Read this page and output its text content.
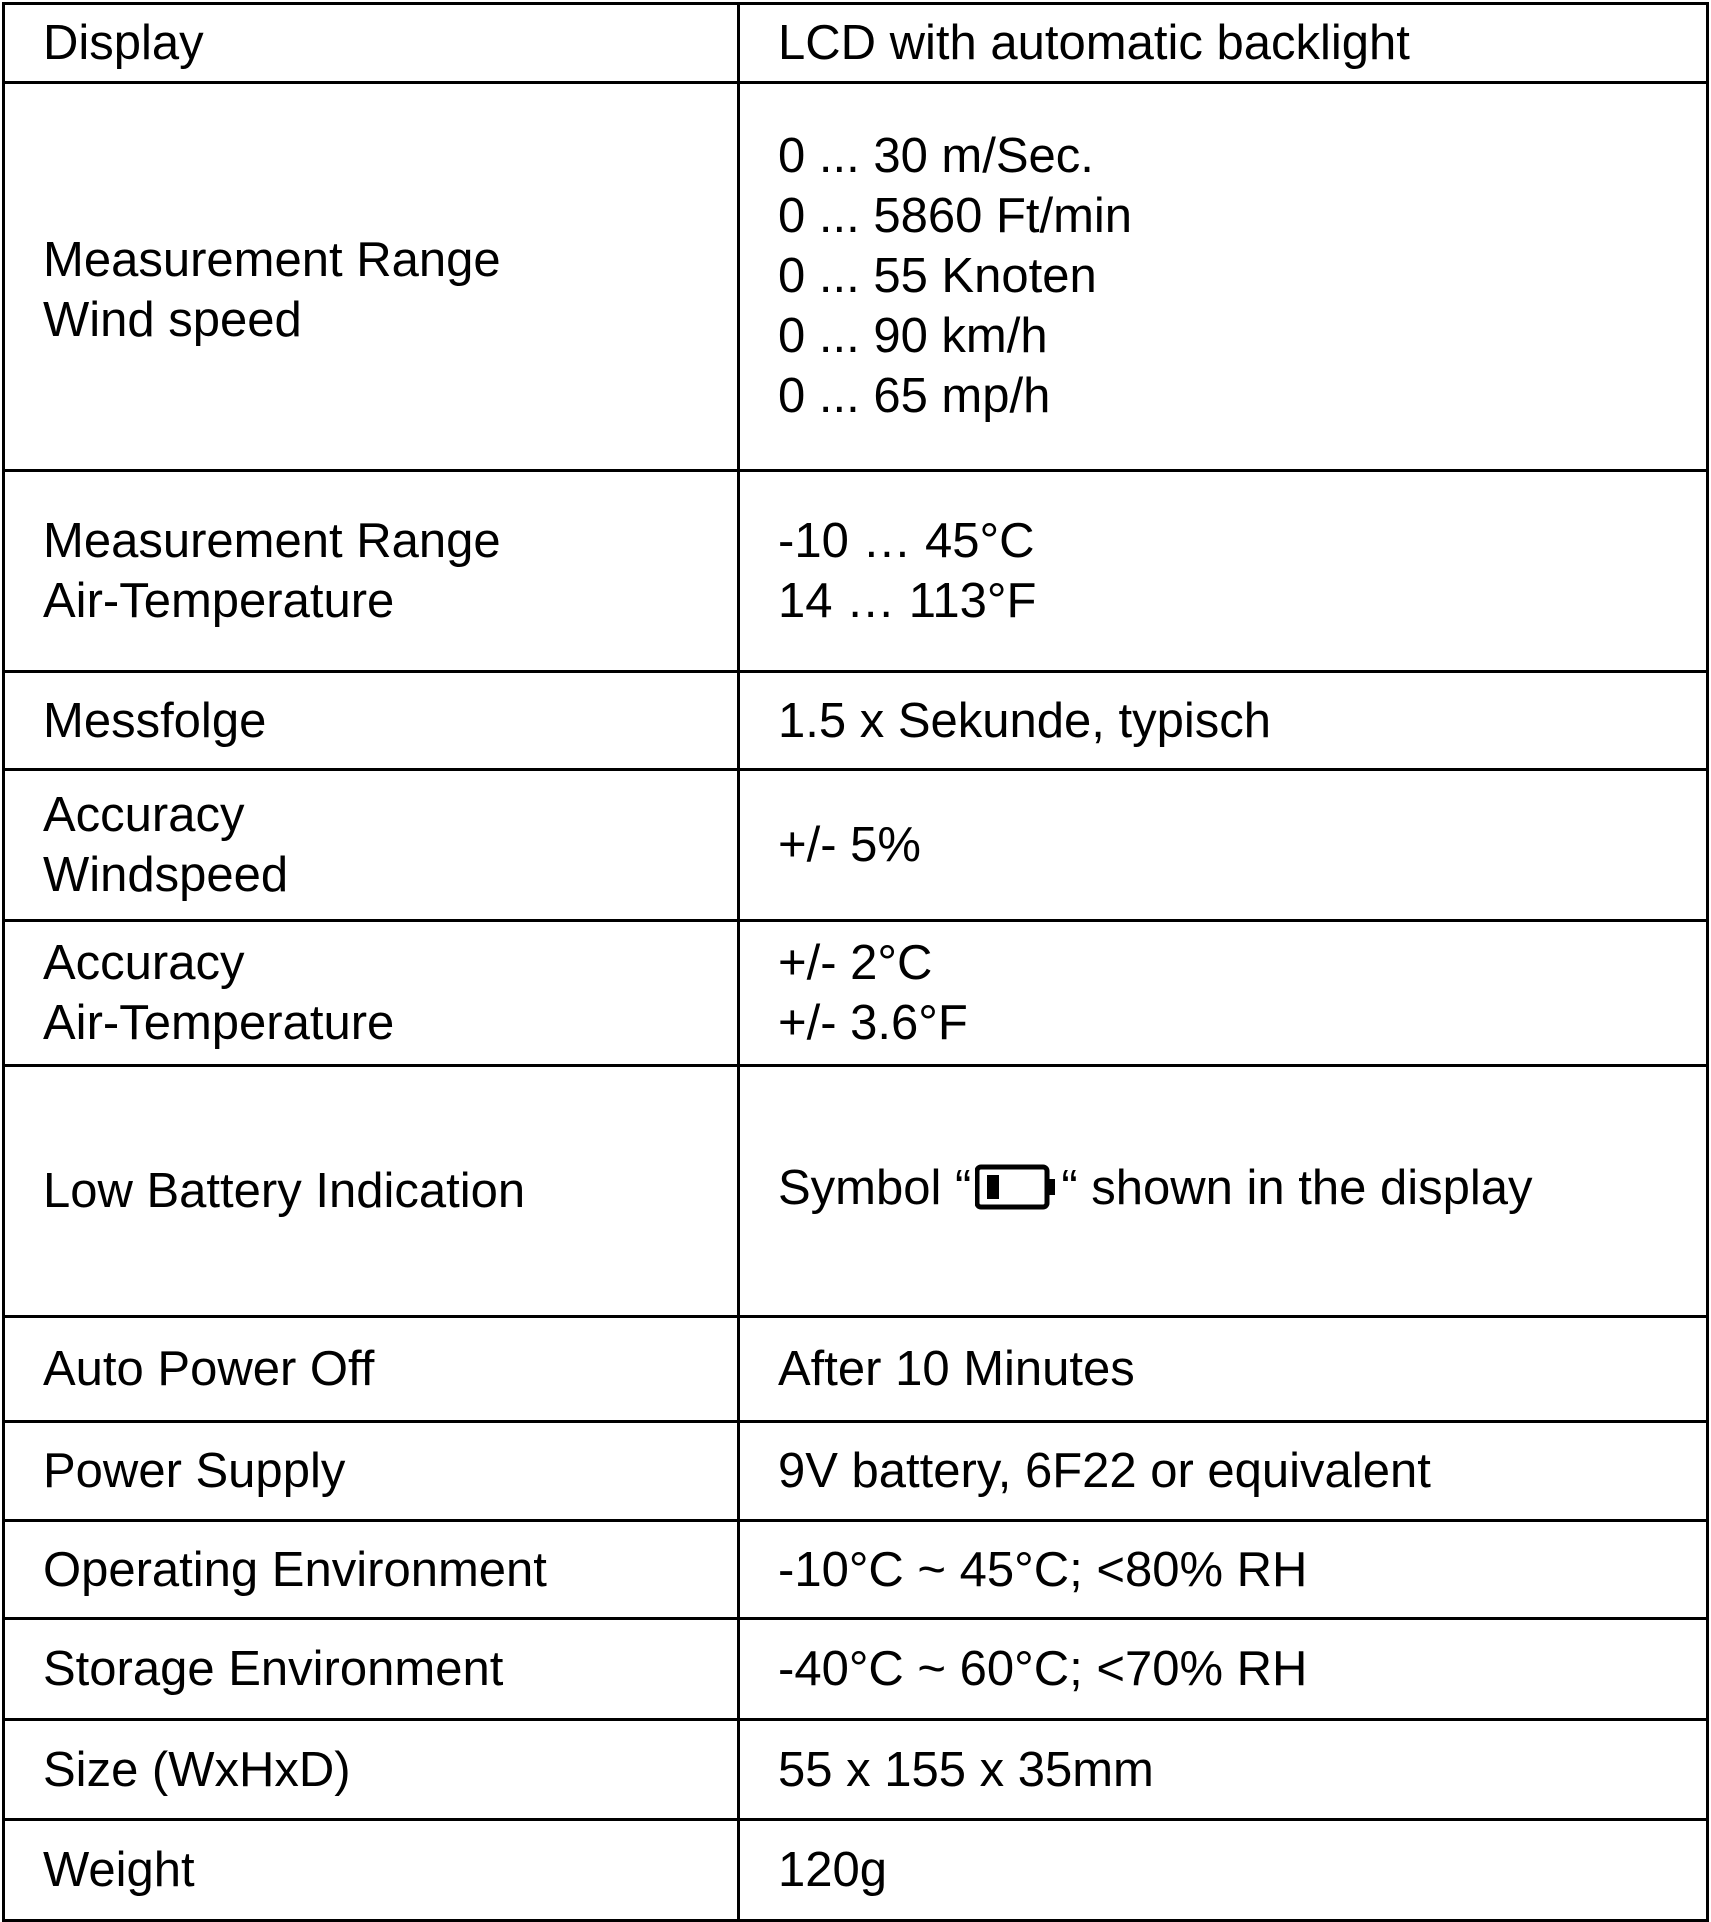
Display	LCD with automatic backlight

Measurement Range
Wind speed	0 ... 30 m/Sec.
0 ... 5860 Ft/min
0 ... 55 Knoten
0 ... 90 km/h
0 ... 65 mp/h

Measurement Range
Air-Temperature	-10 … 45°C
14 … 113°F

Messfolge	1.5 x Sekunde, typisch

Accuracy
Windspeed	+/- 5%

Accuracy
Air-Temperature	+/- 2°C
+/- 3.6°F

Low Battery Indication	Symbol “ “ shown in the display

Auto Power Off	After 10 Minutes

Power Supply	9V battery, 6F22 or equivalent

Operating Environment	-10°C ~ 45°C; <80% RH

Storage Environment	-40°C ~ 60°C; <70% RH

Size (WxHxD)	55 x 155 x 35mm

Weight	120g
